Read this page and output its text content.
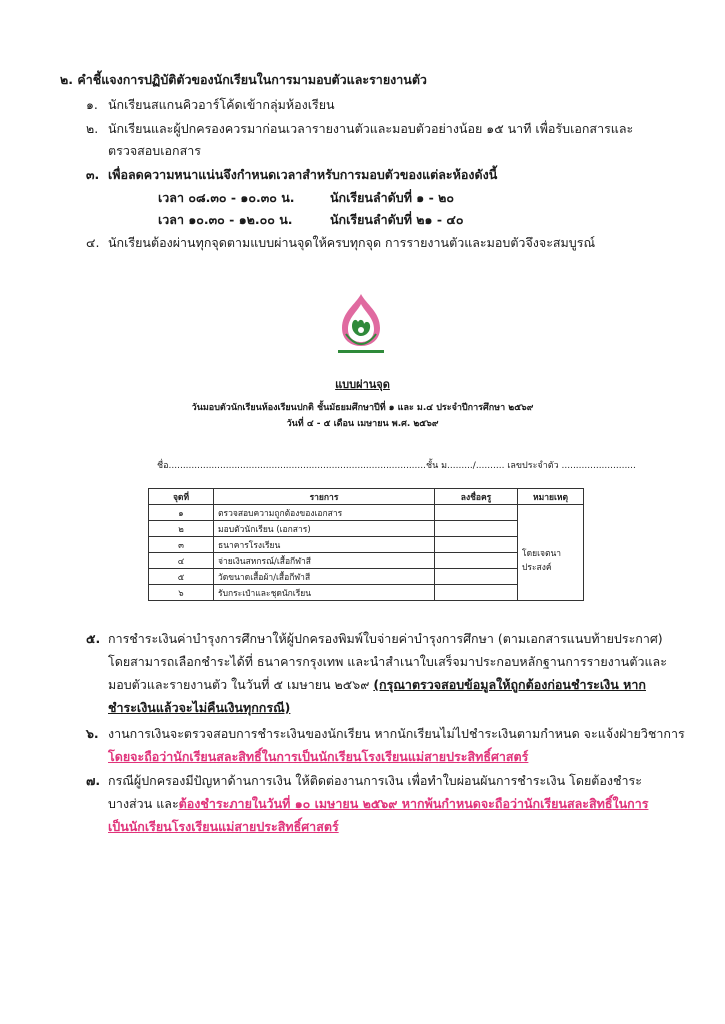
๒. คำชี้แจงการปฏิบัติตัวของนักเรียนในการมามอบตัวและรายงานตัว
๑. นักเรียนสแกนคิวอาร์โค้ดเข้ากลุ่มห้องเรียน
๒. นักเรียนและผู้ปกครองควรมาก่อนเวลารายงานตัวและมอบตัวอย่างน้อย ๑๕ นาที เพื่อรับเอกสารและ
ตรวจสอบเอกสาร
๓. เพื่อลดความหนาแน่นจึงกำหนดเวลาสำหรับการมอบตัวของแต่ละห้องดังนี้
เวลา ๐๘.๓๐ - ๑๐.๓๐ น.	นักเรียนลำดับที่ ๑ - ๒๐
เวลา ๑๐.๓๐ - ๑๒.๐๐ น.	นักเรียนลำดับที่ ๒๑ - ๔๐
๔. นักเรียนต้องผ่านทุกจุดตามแบบผ่านจุดให้ครบทุกจุด การรายงานตัวและมอบตัวจึงจะสมบูรณ์
แบบผ่านจุด
วันมอบตัวนักเรียนห้องเรียนปกติ ชั้นมัธยมศึกษาปีที่ ๑ และ ม.๔ ประจำปีการศึกษา ๒๕๖๙
วันที่ ๔ - ๕ เดือน เมษายน พ.ศ. ๒๕๖๙
ชื่อ..........................................................................................ชั้น ม........./.......... เลขประจำตัว ..........................
จุดที่	รายการ	ลงชื่อครู	หมายเหตุ
๑	ตรวจสอบความถูกต้องของเอกสาร		
๒	มอบตัวนักเรียน (เอกสาร)		โดยเจตนาประสงค์
๓	ธนาคารโรงเรียน		
๔	จ่ายเงินสหกรณ์/เสื้อกีฬาสี		
๕	วัดขนาดเสื้อผ้า/เสื้อกีฬาสี		
๖	รับกระเป๋าและชุดนักเรียน		
๕. การชำระเงินค่าบำรุงการศึกษาให้ผู้ปกครองพิมพ์ใบจ่ายค่าบำรุงการศึกษา (ตามเอกสารแนบท้ายประกาศ)
โดยสามารถเลือกชำระได้ที่ ธนาคารกรุงเทพ และนำสำเนาใบเสร็จมาประกอบหลักฐานการรายงานตัวและ
มอบตัวและรายงานตัว ในวันที่ ๕ เมษายน ๒๕๖๙ (กรุณาตรวจสอบข้อมูลให้ถูกต้องก่อนชำระเงิน หาก
ชำระเงินแล้วจะไม่คืนเงินทุกกรณี)
๖. งานการเงินจะตรวจสอบการชำระเงินของนักเรียน หากนักเรียนไม่ไปชำระเงินตามกำหนด จะแจ้งฝ่ายวิชาการ
โดยจะถือว่านักเรียนสละสิทธิ์ในการเป็นนักเรียนโรงเรียนแม่สายประสิทธิ์ศาสตร์
๗. กรณีผู้ปกครองมีปัญหาด้านการเงิน ให้ติดต่องานการเงิน เพื่อทำใบผ่อนผันการชำระเงิน โดยต้องชำระ
บางส่วน และต้องชำระภายในวันที่ ๑๐ เมษายน ๒๕๖๙ หากพ้นกำหนดจะถือว่านักเรียนสละสิทธิ์ในการ
เป็นนักเรียนโรงเรียนแม่สายประสิทธิ์ศาสตร์
